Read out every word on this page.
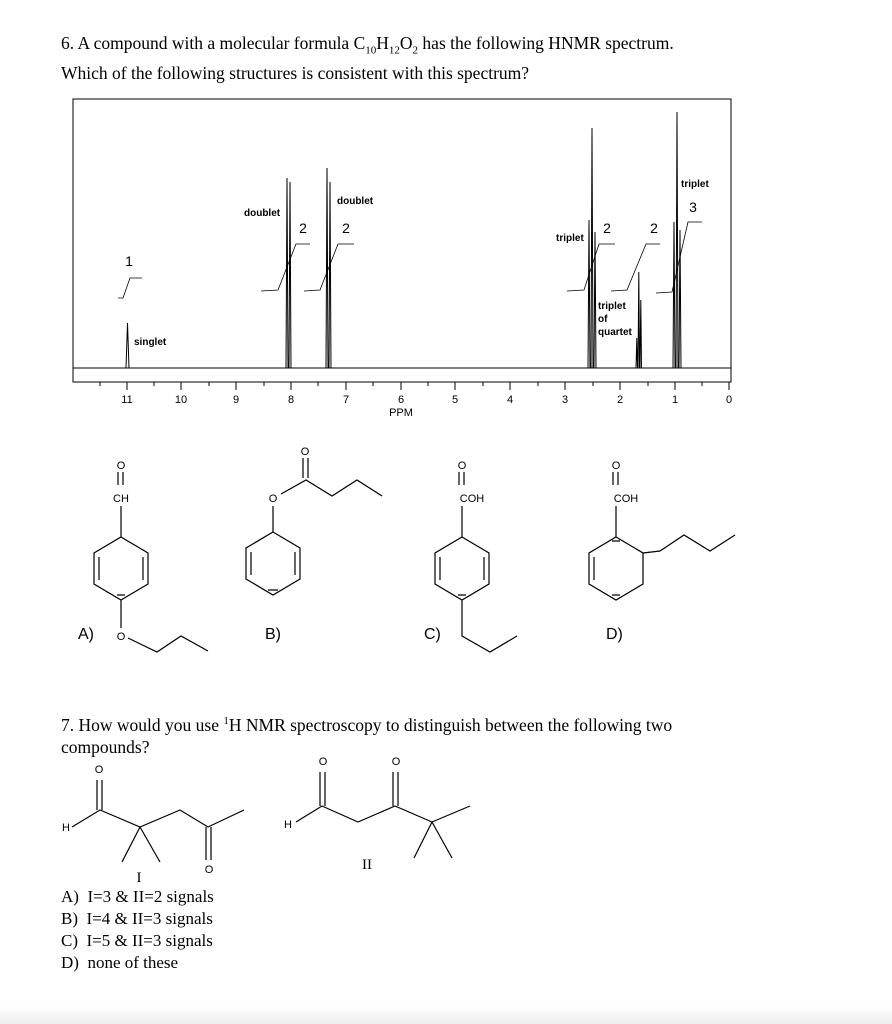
6. A compound with a molecular formula $C_{10}H_{12}O_2$ has the following HNMR spectrum.
Which of the following structures is consistent with this spectrum?
11	10	9	8	7	6	5	4	3	2	1	0
PPM
singlet
doublet
doublet
triplet
triplet
triplet
of
quartet
1
2	2	2	2
3
O
CH
O
A)
O
O
B)
O
COH
C)
O
COH
D)
O
H
O
I
O	O
H
II
7. How would you use $^1$H NMR spectroscopy to distinguish between the following two
compounds?
A)  I=3 & II=2 signals
B)  I=4 & II=3 signals
C)  I=5 & II=3 signals
D)  none of these
